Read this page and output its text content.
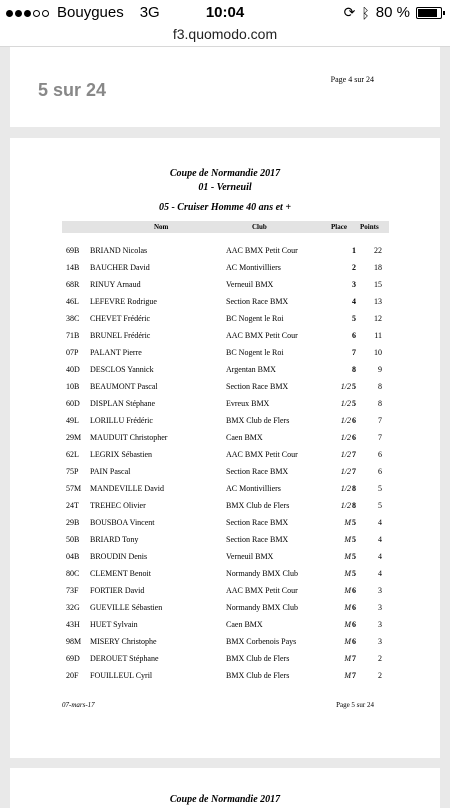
Bouygues 3G	10:04	⟳ ᛒ 80 %
f3.quomodo.com
Page 4 sur 24
5 sur 24
Coupe de Normandie 2017
01 - Verneuil
05 - Cruiser Homme 40 ans et +
Nom	Club	Place Points
69B BRIAND Nicolas	AAC BMX Petit Cour	1	22
14B BAUCHER David	AC Montivilliers	2	18
68R RINUY Arnaud	Verneuil BMX	3	15
46L LEFEVRE Rodrigue	Section Race BMX	4	13
38C CHEVET Frédéric	BC Nogent le Roi	5	12
71B BRUNEL Frédéric	AAC BMX Petit Cour	6	11
07P PALANT Pierre	BC Nogent le Roi	7	10
40D DESCLOS Yannick	Argentan BMX	8	9
10B BEAUMONT Pascal	Section Race BMX	1/25	8
60D DISPLAN Stéphane	Evreux BMX	1/25	8
49L LORILLU Frédéric	BMX Club de Flers	1/26	7
29M MAUDUIT Christopher	Caen BMX	1/26	7
62L LEGRIX Sébastien	AAC BMX Petit Cour	1/27	6
75P PAIN Pascal	Section Race BMX	1/27	6
57M MANDEVILLE David	AC Montivilliers	1/28	5
24T TREHEC Olivier	BMX Club de Flers	1/28	5
29B BOUSBOA Vincent	Section Race BMX	M5	4
50B BRIARD Tony	Section Race BMX	M5	4
04B BROUDIN Denis	Verneuil BMX	M5	4
80C CLEMENT Benoit	Normandy BMX Club	M5	4
73F FORTIER David	AAC BMX Petit Cour	M6	3
32G GUEVILLE Sébastien	Normandy BMX Club	M6	3
43H HUET Sylvain	Caen BMX	M6	3
98M MISERY Christophe	BMX Corbenois Pays	M6	3
69D DEROUET Stéphane	BMX Club de Flers	M7	2
20F FOUILLEUL Cyril	BMX Club de Flers	M7	2
07-mars-17	Page 5 sur 24
Coupe de Normandie 2017
